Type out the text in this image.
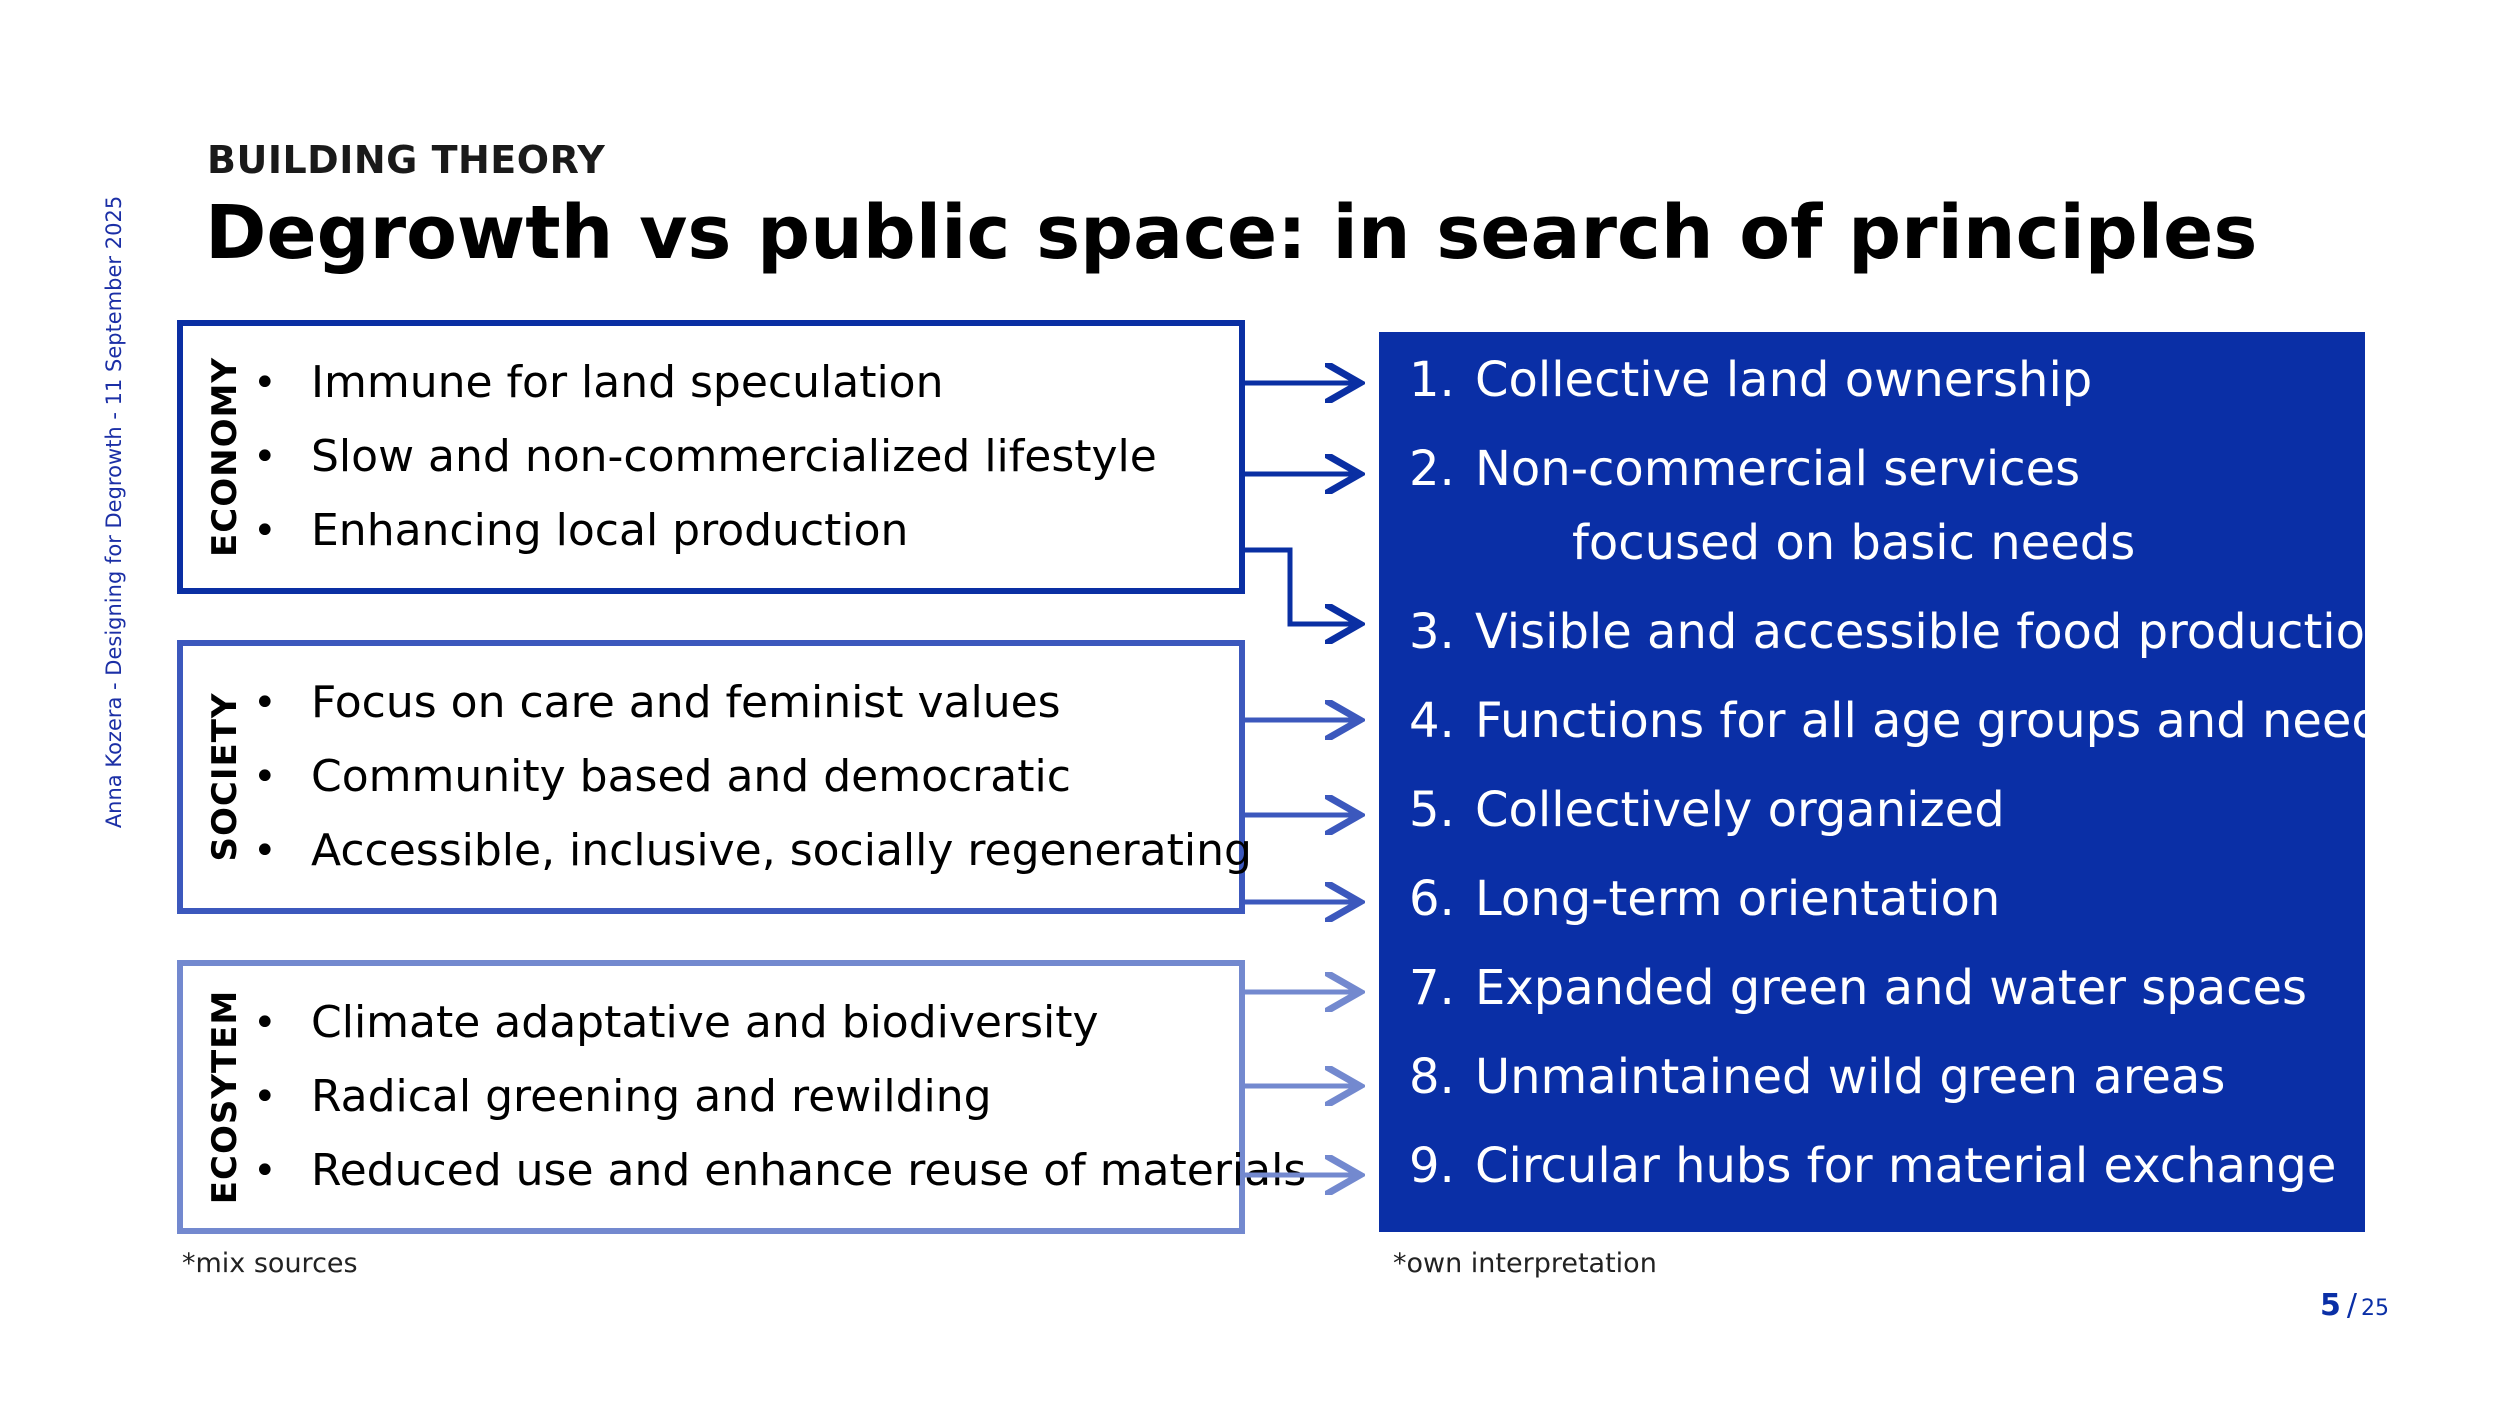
Anna Kozera - Designing for Degrowth - 11 September 2025
BUILDING THEORY
Degrowth vs public space: in search of principles
ECONOMY • Immune for land speculation
• Slow and non-commercialized lifestyle
• Enhancing local production
SOCIETY • Focus on care and feminist values
• Community based and democratic
• Accessible, inclusive, socially regenerating
ECOSYTEM • Climate adaptative and biodiversity
• Radical greening and rewilding
• Reduced use and enhance reuse of materials
1. Collective land ownership
2. Non-commercial services
focused on basic needs
3. Visible and accessible food production
4. Functions for all age groups and needs
5. Collectively organized
6. Long-term orientation
7. Expanded green and water spaces
8. Unmaintained wild green areas
9. Circular hubs for material exchange
*mix sources	*own interpretation
5 / 25
